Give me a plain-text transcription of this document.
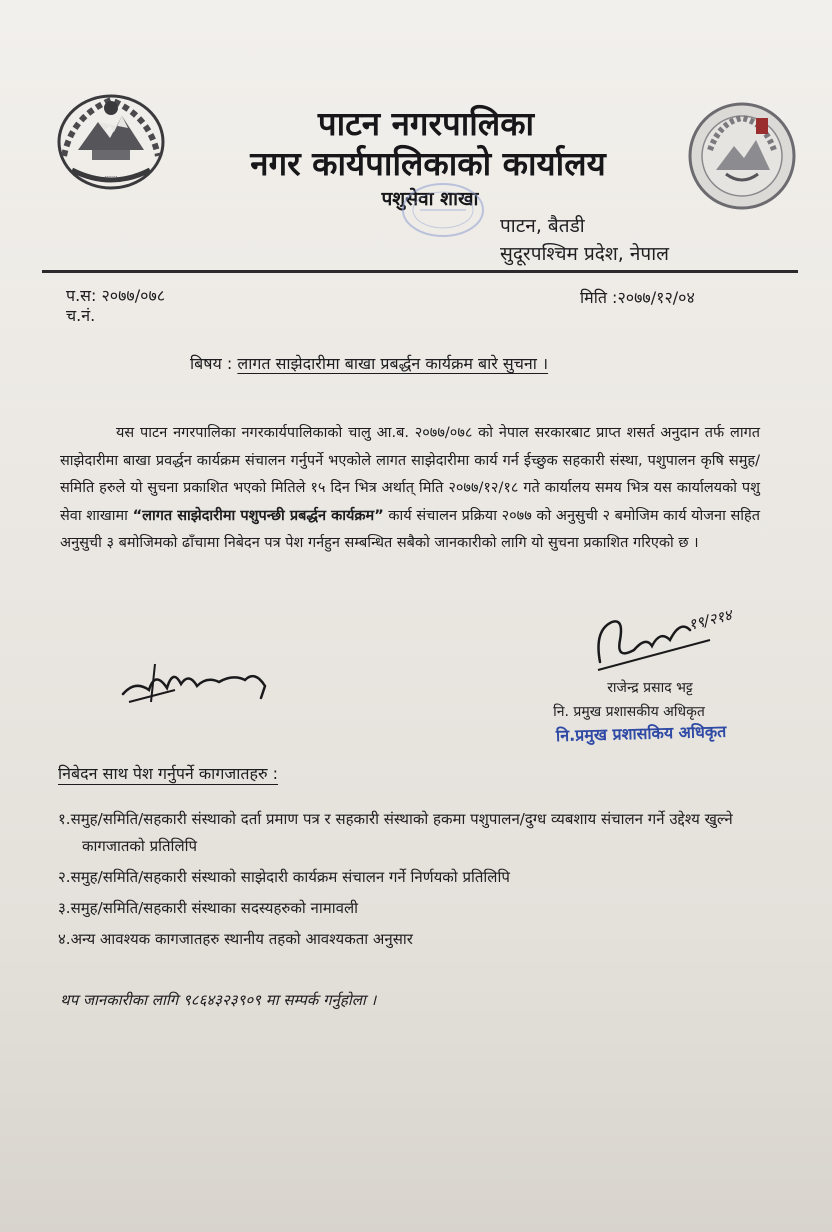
·······
पाटन नगरपालिका
नगर कार्यपालिकाको कार्यालय
पशुसेवा शाखा
पाटन, बैतडी
सुदूरपश्चिम प्रदेश, नेपाल
प.स: २०७७/०७८
च.नं.
मिति :२०७७/१२/०४
बिषय : लागत साझेदारीमा बाखा प्रबर्द्धन कार्यक्रम बारे सुचना ।
यस पाटन नगरपालिका नगरकार्यपालिकाको चालु आ.ब. २०७७/०७८ को नेपाल सरकारबाट प्राप्त शसर्त अनुदान तर्फ लागत साझेदारीमा बाखा प्रवर्द्धन कार्यक्रम संचालन गर्नुपर्ने भएकोले लागत साझेदारीमा कार्य गर्न ईच्छुक सहकारी संस्था, पशुपालन कृषि समुह/समिति हरुले यो सुचना प्रकाशित भएको मितिले १५ दिन भित्र अर्थात् मिति २०७७/१२/१८ गते कार्यालय समय भित्र यस कार्यालयको पशु सेवा शाखामा “लागत साझेदारीमा पशुपन्छी प्रबर्द्धन कार्यक्रम” कार्य संचालन प्रक्रिया २०७७ को अनुसुची २ बमोजिम कार्य योजना सहित अनुसुची ३ बमोजिमको ढाँचामा निबेदन पत्र पेश गर्नहुन सम्बन्धित सबैको जानकारीको लागि यो सुचना प्रकाशित गरिएको छ ।
१९/२१४
राजेन्द्र प्रसाद भट्ट
नि. प्रमुख प्रशासकीय अधिकृत
नि.प्रमुख प्रशासकिय अधिकृत
निबेदन साथ पेश गर्नुपर्ने कागजातहरु :
१.समुह/समिति/सहकारी संस्थाको दर्ता प्रमाण पत्र र सहकारी संस्थाको हकमा पशुपालन/दुग्ध व्यबशाय संचालन गर्ने उद्देश्य खुल्ने कागजातको प्रतिलिपि
२.समुह/समिति/सहकारी संस्थाको साझेदारी कार्यक्रम संचालन गर्ने निर्णयको प्रतिलिपि
३.समुह/समिति/सहकारी संस्थाका सदस्यहरुको नामावली
४.अन्य आवश्यक कागजातहरु स्थानीय तहको आवश्यकता अनुसार
थप जानकारीका लागि ९८६४३२३९०९ मा सम्पर्क गर्नुहोला ।
